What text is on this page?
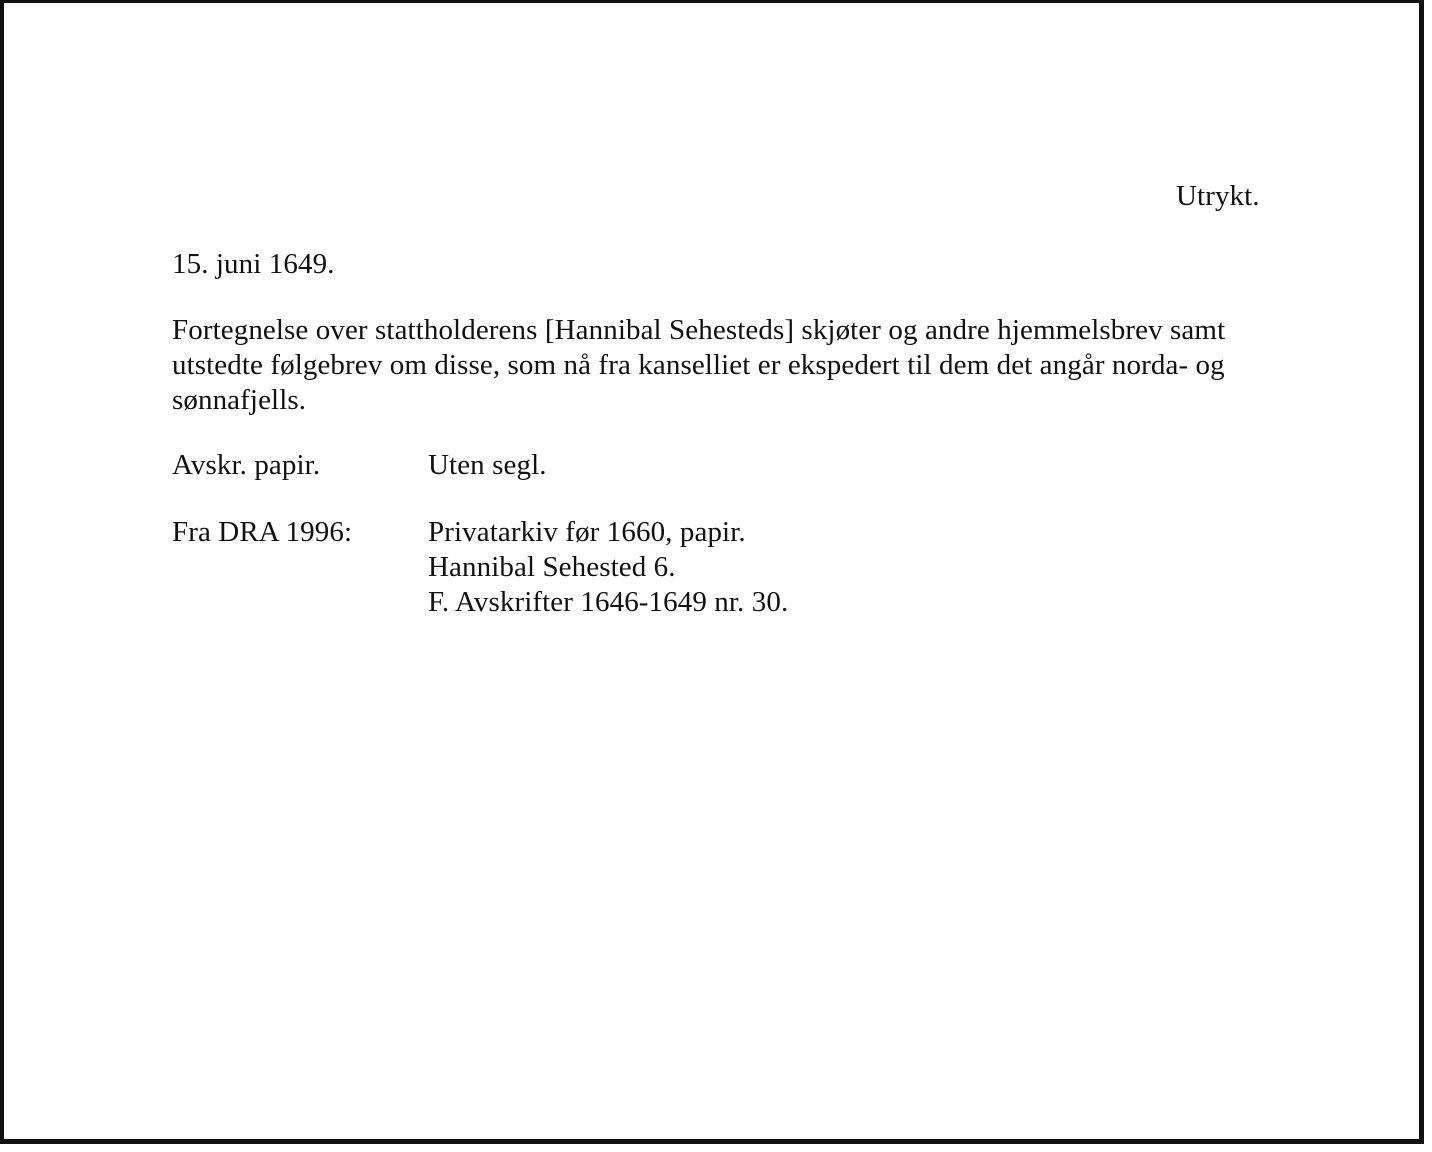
Utrykt.
15. juni 1649.
Fortegnelse over stattholderens [Hannibal Sehesteds] skjøter og andre hjemmelsbrev samt
utstedte følgebrev om disse, som nå fra kanselliet er ekspedert til dem det angår norda- og
sønnafjells.
Avskr. papir.	Uten segl.
Fra DRA 1996:	Privatarkiv før 1660, papir.
Hannibal Sehested 6.
F. Avskrifter 1646-1649 nr. 30.
